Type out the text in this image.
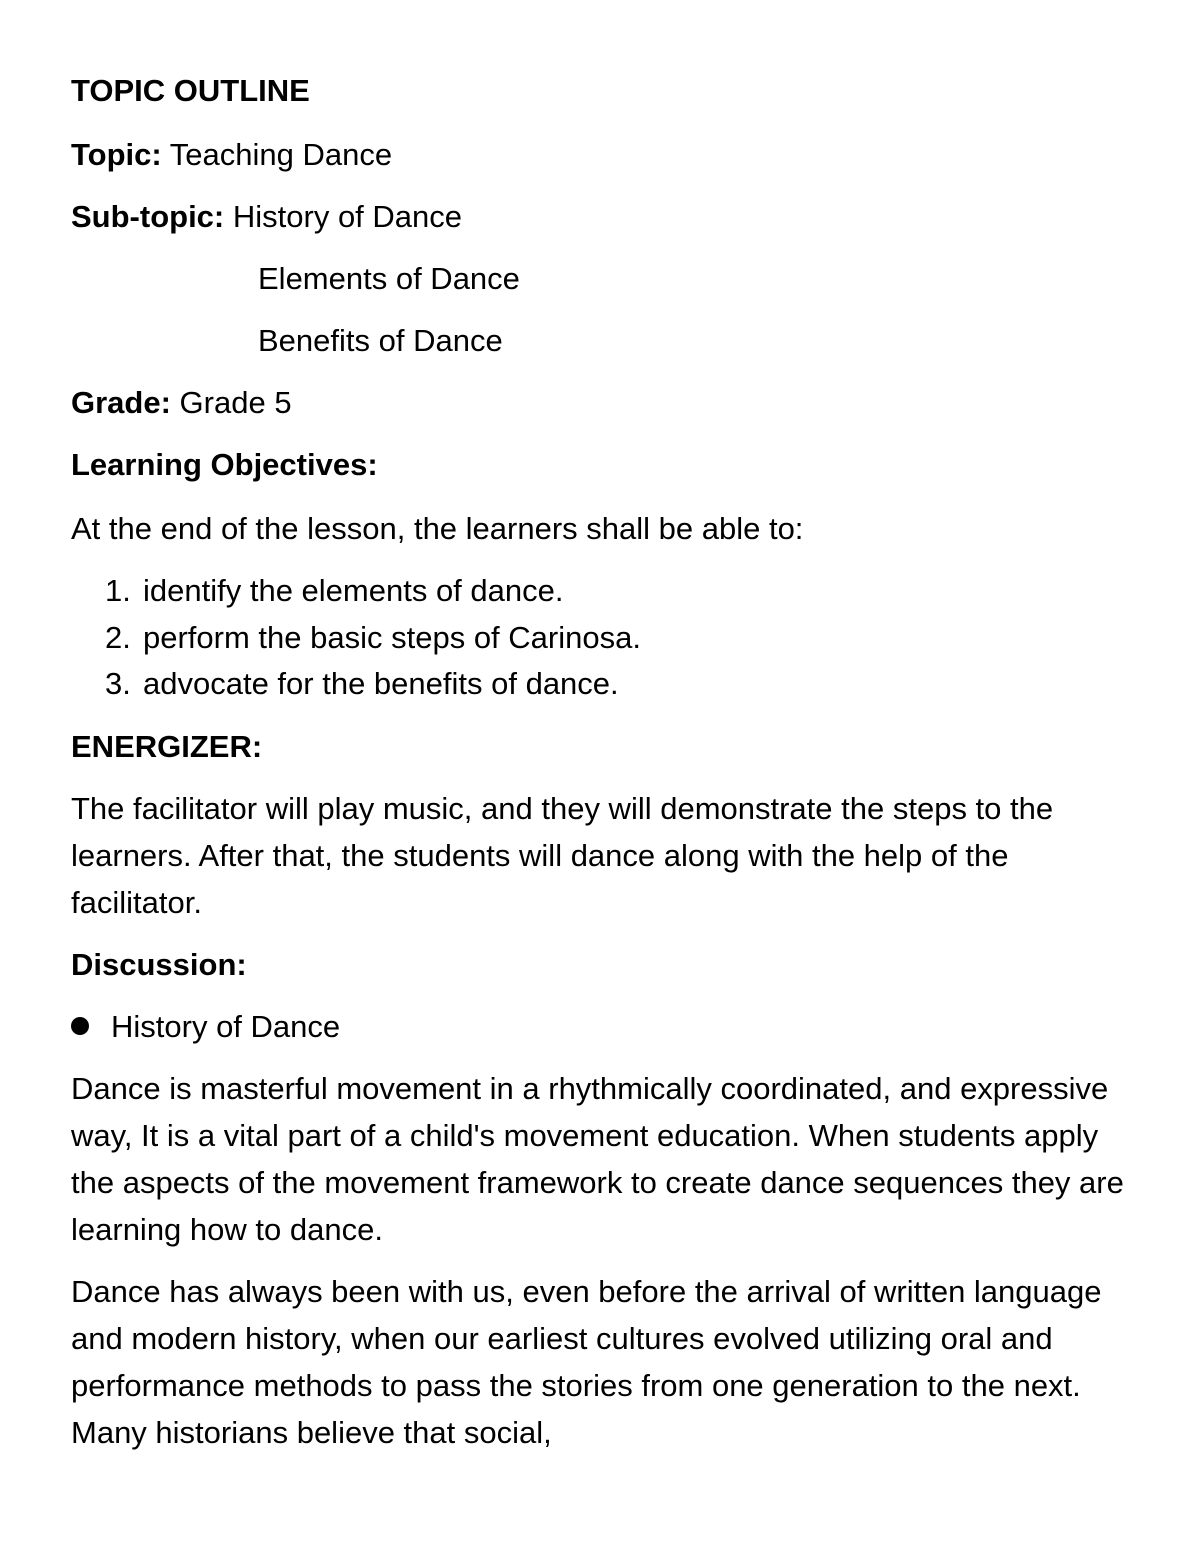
TOPIC OUTLINE
Topic: Teaching Dance
Sub-topic: History of Dance
Elements of Dance
Benefits of Dance
Grade: Grade 5
Learning Objectives:
At the end of the lesson, the learners shall be able to:
1. identify the elements of dance.
2. perform the basic steps of Carinosa.
3. advocate for the benefits of dance.
ENERGIZER:
The facilitator will play music, and they will demonstrate the steps to the learners. After that, the students will dance along with the help of the facilitator.
Discussion:
History of Dance
Dance is masterful movement in a rhythmically coordinated, and expressive way, It is a vital part of a child's movement education. When students apply the aspects of the movement framework to create dance sequences they are learning how to dance.
Dance has always been with us, even before the arrival of written language and modern history, when our earliest cultures evolved utilizing oral and performance methods to pass the stories from one generation to the next. Many historians believe that social,
